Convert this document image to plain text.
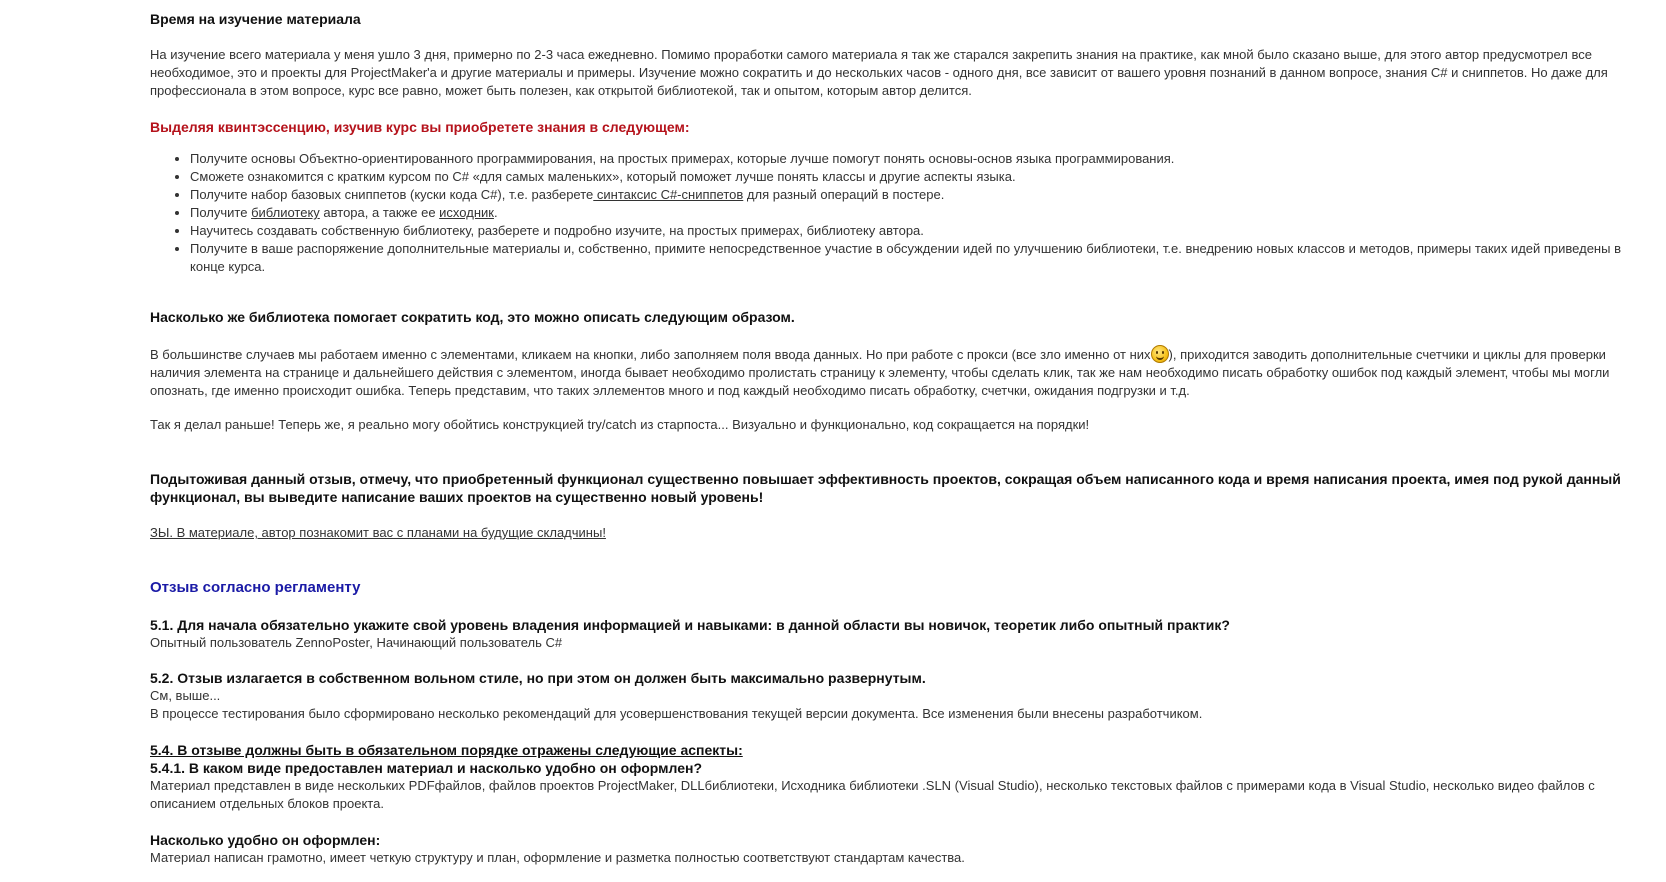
Время на изучение материала

На изучение всего материала у меня ушло 3 дня, примерно по 2-3 часа ежедневно. Помимо проработки самого материала я так же старался закрепить знания на практике, как мной было сказано выше, для этого автор предусмотрел все необходимое, это и проекты для ProjectMaker'a и другие материалы и примеры. Изучение можно сократить и до нескольких часов - одного дня, все зависит от вашего уровня познаний в данном вопросе, знания C# и сниппетов. Но даже для профессионала в этом вопросе, курс все равно, может быть полезен, как открытой библиотекой, так и опытом, которым автор делится.

Выделяя квинтэссенцию, изучив курс вы приобретете знания в следующем:

• Получите основы Объектно-ориентированного программирования, на простых примерах, которые лучше помогут понять основы-основ языка программирования.
• Сможете ознакомится с кратким курсом по C# «для самых маленьких», который поможет лучше понять классы и другие аспекты языка.
• Получите набор базовых сниппетов (куски кода C#), т.е. разберете синтаксис C#-сниппетов для разный операций в постере.
• Получите библиотеку автора, а также ее исходник.
• Научитесь создавать собственную библиотеку, разберете и подробно изучите, на простых примерах, библиотеку автора.
• Получите в ваше распоряжение дополнительные материалы и, собственно, примите непосредственное участие в обсуждении идей по улучшению библиотеки, т.е. внедрению новых классов и методов, примеры таких идей приведены в конце курса.

Насколько же библиотека помогает сократить код, это можно описать следующим образом.

В большинстве случаев мы работаем именно с элементами, кликаем на кнопки, либо заполняем поля ввода данных. Но при работе с прокси (все зло именно от них ), приходится заводить дополнительные счетчики и циклы для проверки наличия элемента на странице и дальнейшего действия с элементом, иногда бывает необходимо пролистать страницу к элементу, чтобы сделать клик, так же нам необходимо писать обработку ошибок под каждый элемент, чтобы мы могли опознать, где именно происходит ошибка. Теперь представим, что таких эллементов много и под каждый необходимо писать обработку, счетчки, ожидания подгрузки и т.д.

Так я делал раньше! Теперь же, я реально могу обойтись конструкцией try/catch из старпоста... Визуально и функционально, код сокращается на порядки!

Подытоживая данный отзыв, отмечу, что приобретенный функционал существенно повышает эффективность проектов, сокращая объем написанного кода и время написания проекта, имея под рукой данный функционал, вы выведите написание ваших проектов на существенно новый уровень!

ЗЫ. В материале, автор познакомит вас с планами на будущие складчины!

Отзыв согласно регламенту

5.1. Для начала обязательно укажите свой уровень владения информацией и навыками: в данной области вы новичок, теоретик либо опытный практик?

Опытный пользователь ZennoPoster, Начинающий пользователь C#

5.2. Отзыв излагается в собственном вольном стиле, но при этом он должен быть максимально развернутым.

См, выше...

В процессе тестирования было сформировано несколько рекомендаций для усовершенствования текущей версии документа. Все изменения были внесены разработчиком.

5.4. В отзыве должны быть в обязательном порядке отражены следующие аспекты:

5.4.1. В каком виде предоставлен материал и насколько удобно он оформлен?

Материал представлен в виде нескольких PDFфайлов, файлов проектов ProjectMaker, DLLбиблиотеки, Исходника библиотеки .SLN (Visual Studio), несколько текстовых файлов с примерами кода в Visual Studio, несколько видео файлов с описанием отдельных блоков проекта.

Насколько удобно он оформлен:

Материал написан грамотно, имеет четкую структуру и план, оформление и разметка полностью соответствуют стандартам качества.
